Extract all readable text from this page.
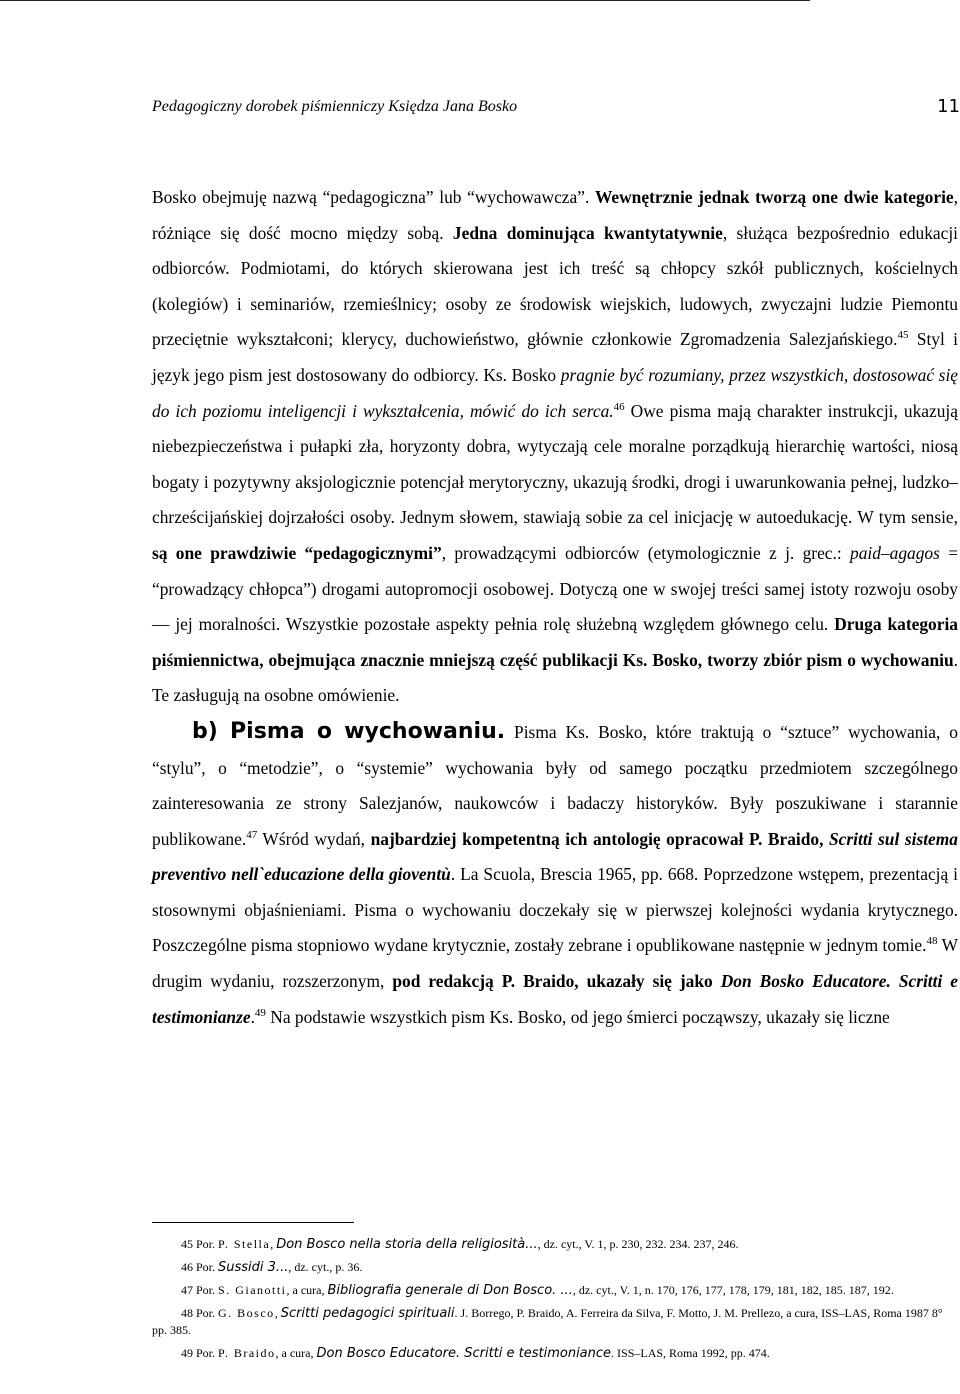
Pedagogiczny dorobek piśmienniczy Księdza Jana Bosko	11

Bosko obejmuję nazwą “pedagogiczna” lub “wychowawcza”. Wewnętrznie jednak tworzą one dwie kategorie, różniące się dość mocno między sobą. Jedna dominująca kwantytatywnie, służąca bezpośrednio edukacji odbiorców. Podmiotami, do których skierowana jest ich treść są chłopcy szkół publicznych, kościelnych (kolegiów) i seminariów, rzemieślnicy; osoby ze środowisk wiejskich, ludowych, zwyczajni ludzie Piemontu przeciętnie wykształconi; klerycy, duchowieństwo, głównie członkowie Zgromadzenia Salezjańskiego.$^{45}$ Styl i język jego pism jest dostosowany do odbiorcy. Ks. Bosko pragnie być rozumiany, przez wszystkich, dostosować się do ich poziomu inteligencji i wykształcenia, mówić do ich serca.$^{46}$ Owe pisma mają charakter instrukcji, ukazują niebezpieczeństwa i pułapki zła, horyzonty dobra, wytyczają cele moralne porządkują hierarchię wartości, niosą bogaty i pozytywny aksjologicznie potencjał merytoryczny, ukazują środki, drogi i uwarunkowania pełnej, ludzko–chrześcijańskiej dojrzałości osoby. Jednym słowem, stawiają sobie za cel inicjację w autoedukację. W tym sensie, są one prawdziwie “pedagogicznymi”, prowadzącymi odbiorców (etymologicznie z j. grec.: paid–agagos = “prowadzący chłopca”) drogami autopromocji osobowej. Dotyczą one w swojej treści samej istoty rozwoju osoby — jej moralności. Wszystkie pozostałe aspekty pełnia rolę służebną względem głównego celu. Druga kategoria piśmiennictwa, obejmująca znacznie mniejszą część publikacji Ks. Bosko, tworzy zbiór pism o wychowaniu. Te zasługują na osobne omówienie.

b) Pisma o wychowaniu. Pisma Ks. Bosko, które traktują o “sztuce” wychowania, o “stylu”, o “metodzie”, o “systemie” wychowania były od samego początku przedmiotem szczególnego zainteresowania ze strony Salezjanów, naukowców i badaczy historyków. Były poszukiwane i starannie publikowane.$^{47}$ Wśród wydań, najbardziej kompetentną ich antologię opracował P. Braido, Scritti sul sistema preventivo nell`educazione della gioventù. La Scuola, Brescia 1965, pp. 668. Poprzedzone wstępem, prezentacją i stosownymi objaśnieniami. Pisma o wychowaniu doczekały się w pierwszej kolejności wydania krytycznego. Poszczególne pisma stopniowo wydane krytycznie, zostały zebrane i opublikowane następnie w jednym tomie.$^{48}$ W drugim wydaniu, rozszerzonym, pod redakcją P. Braido, ukazały się jako Don Bosko Educatore. Scritti e testimonianze.$^{49}$ Na podstawie wszystkich pism Ks. Bosko, od jego śmierci począwszy, ukazały się liczne

45 Por. P. Stella, Don Bosco nella storia della religiosità..., dz. cyt., V. 1, p. 230, 232. 234. 237, 246.

46 Por. Sussidi 3..., dz. cyt., p. 36.

47 Por. S. Gianotti, a cura, Bibliografia generale di Don Bosco. ..., dz. cyt., V. 1, n. 170, 176, 177, 178, 179, 181, 182, 185. 187, 192.

48 Por. G. Bosco, Scritti pedagogici spirituali. J. Borrego, P. Braido, A. Ferreira da Silva, F. Motto, J. M. Prellezo, a cura, ISS–LAS, Roma 1987 8° pp. 385.

49 Por. P. Braido, a cura, Don Bosco Educatore. Scritti e testimoniance. ISS–LAS, Roma 1992, pp. 474.
